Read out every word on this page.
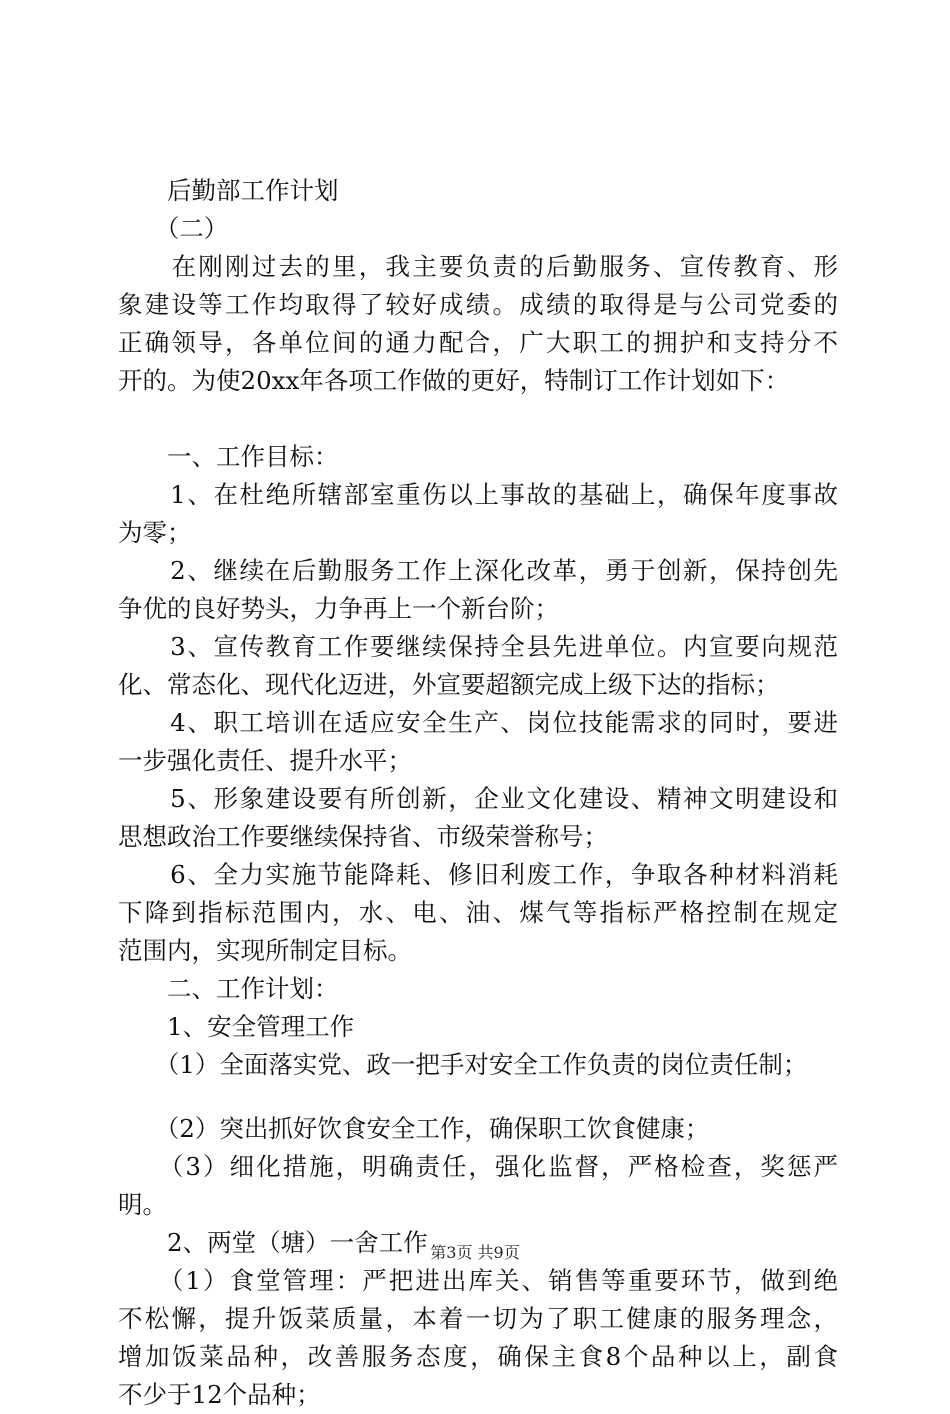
　　后勤部工作计划
　　（二）
　　在刚刚过去的里，我主要负责的后勤服务、宣传教育、形
象建设等工作均取得了较好成绩。成绩的取得是与公司党委的
正确领导，各单位间的通力配合，广大职工的拥护和支持分不
开的。为使20xx年各项工作做的更好，特制订工作计划如下：
　　一、工作目标：
　　1、在杜绝所辖部室重伤以上事故的基础上，确保年度事故
为零；
　　2、继续在后勤服务工作上深化改革，勇于创新，保持创先
争优的良好势头，力争再上一个新台阶；
　　3、宣传教育工作要继续保持全县先进单位。内宣要向规范
化、常态化、现代化迈进，外宣要超额完成上级下达的指标；
　　4、职工培训在适应安全生产、岗位技能需求的同时，要进
一步强化责任、提升水平；
　　5、形象建设要有所创新，企业文化建设、精神文明建设和
思想政治工作要继续保持省、市级荣誉称号；
　　6、全力实施节能降耗、修旧利废工作，争取各种材料消耗
下降到指标范围内，水、电、油、煤气等指标严格控制在规定
范围内，实现所制定目标。
　　二、工作计划：
　　1、安全管理工作
　　（1）全面落实党、政一把手对安全工作负责的岗位责任制；
　　（2）突出抓好饮食安全工作，确保职工饮食健康；
　　（3）细化措施，明确责任，强化监督，严格检查，奖惩严
明。
　　2、两堂（塘）一舍工作
　　（1）食堂管理：严把进出库关、销售等重要环节，做到绝
不松懈，提升饭菜质量，本着一切为了职工健康的服务理念，
增加饭菜品种，改善服务态度，确保主食8个品种以上，副食
不少于12个品种；
第3页 共9页
